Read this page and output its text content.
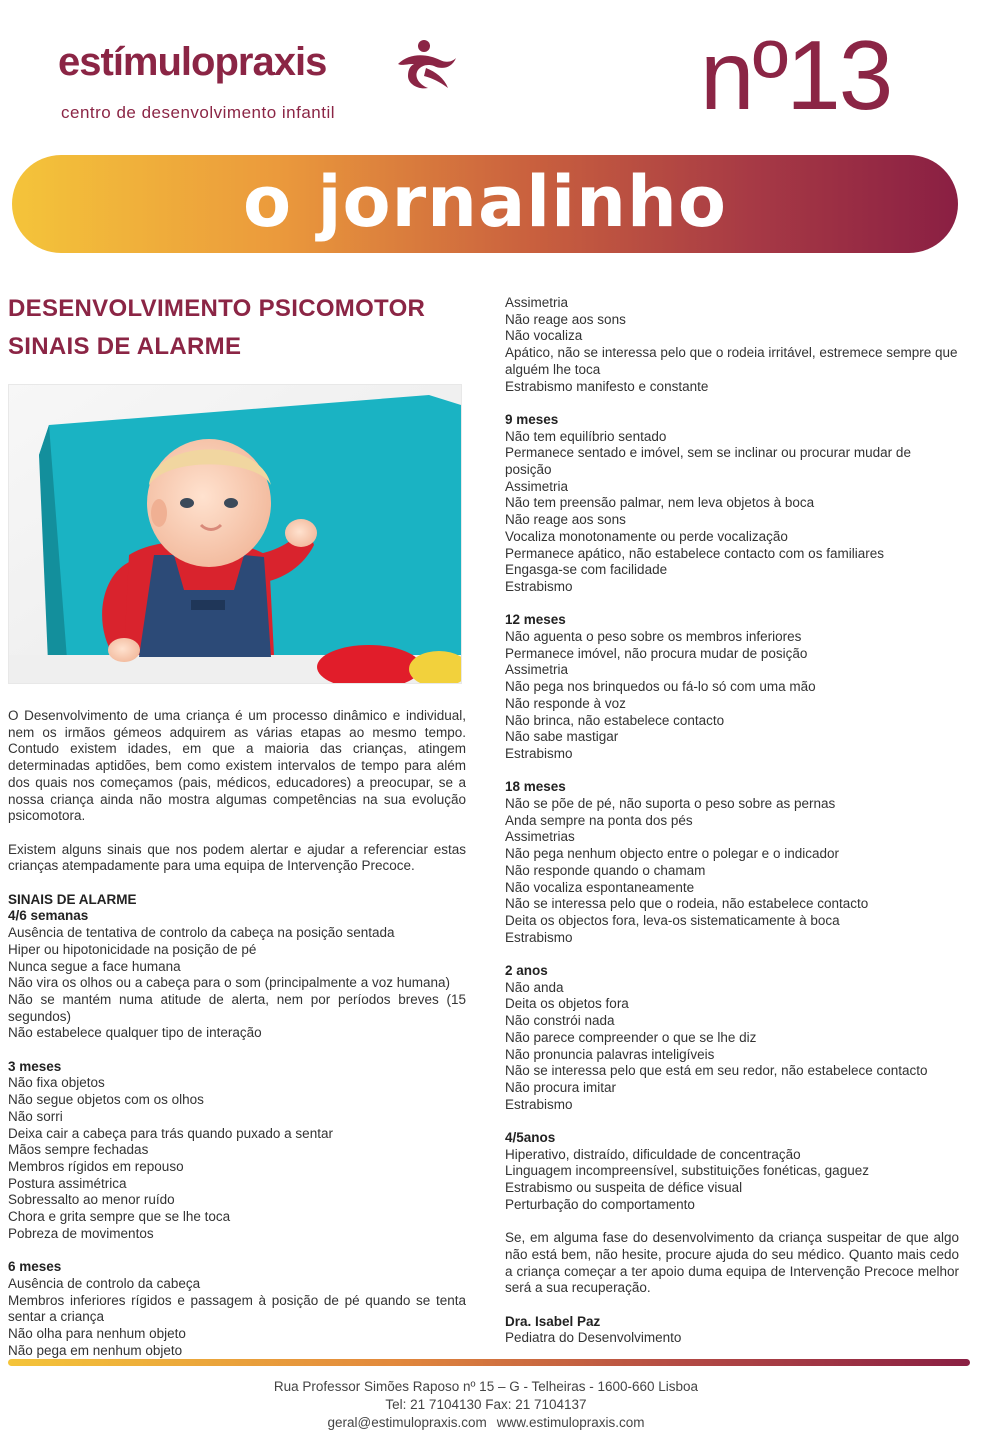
estímulopraxis
centro de desenvolvimento infantil	nº13
o jornalinho
DESENVOLVIMENTO PSICOMOTOR
SINAIS DE ALARME

O Desenvolvimento de uma criança é um processo dinâmico e individual, nem os irmãos gémeos adquirem as várias etapas ao mesmo tempo. Contudo existem idades, em que a maioria das crianças, atingem determinadas aptidões, bem como existem intervalos de tempo para além dos quais nos começamos (pais, médicos, educadores) a preocupar, se a nossa criança ainda não mostra algumas competências na sua evolução psicomotora.

Existem alguns sinais que nos podem alertar e ajudar a referenciar estas crianças atempadamente para uma equipa de Intervenção Precoce.

SINAIS DE ALARME

4/6 semanas

Ausência de tentativa de controlo da cabeça na posição sentada

Hiper ou hipotonicidade na posição de pé

Nunca segue a face humana

Não vira os olhos ou a cabeça para o som (principalmente a voz humana)

Não se mantém numa atitude de alerta, nem por períodos breves (15 segundos)

Não estabelece qualquer tipo de interação

3 meses

Não fixa objetos

Não segue objetos com os olhos

Não sorri

Deixa cair a cabeça para trás quando puxado a sentar

Mãos sempre fechadas

Membros rígidos em repouso

Postura assimétrica

Sobressalto ao menor ruído

Chora e grita sempre que se lhe toca

Pobreza de movimentos

6 meses

Ausência de controlo da cabeça

Membros inferiores rígidos e passagem à posição de pé quando se tenta sentar a criança

Não olha para nenhum objeto

Não pega em nenhum objeto

Assimetria

Não reage aos sons

Não vocaliza

Apático, não se interessa pelo que o rodeia irritável, estremece sempre que alguém lhe toca

Estrabismo manifesto e constante

9 meses

Não tem equilíbrio sentado

Permanece sentado e imóvel, sem se inclinar ou procurar mudar de posição

Assimetria

Não tem preensão palmar, nem leva objetos à boca

Não reage aos sons

Vocaliza monotonamente ou perde vocalização

Permanece apático, não estabelece contacto com os familiares

Engasga-se com facilidade

Estrabismo

12 meses

Não aguenta o peso sobre os membros inferiores

Permanece imóvel, não procura mudar de posição

Assimetria

Não pega nos brinquedos ou fá-lo só com uma mão

Não responde à voz

Não brinca, não estabelece contacto

Não sabe mastigar

Estrabismo

18 meses

Não se põe de pé, não suporta o peso sobre as pernas

Anda sempre na ponta dos pés

Assimetrias

Não pega nenhum objecto entre o polegar e o indicador

Não responde quando o chamam

Não vocaliza espontaneamente

Não se interessa pelo que o rodeia, não estabelece contacto

Deita os objectos fora, leva-os sistematicamente à boca

Estrabismo

2 anos

Não anda

Deita os objetos fora

Não constrói nada

Não parece compreender o que se lhe diz

Não pronuncia palavras inteligíveis

Não se interessa pelo que está em seu redor, não estabelece contacto

Não procura imitar

Estrabismo

4/5anos

Hiperativo, distraído, dificuldade de concentração

Linguagem incompreensível, substituições fonéticas, gaguez

Estrabismo ou suspeita de défice visual

Perturbação do comportamento

Se, em alguma fase do desenvolvimento da criança suspeitar de que algo não está bem, não hesite, procure ajuda do seu médico. Quanto mais cedo a criança começar a ter apoio duma equipa de Intervenção Precoce melhor será a sua recuperação.

Dra. Isabel Paz

Pediatra do Desenvolvimento

Rua Professor Simões Raposo nº 15 – G - Telheiras - 1600-660 Lisboa

Tel: 21 7104130 Fax: 21 7104137

geral@estimulopraxis.com www.estimulopraxis.com
